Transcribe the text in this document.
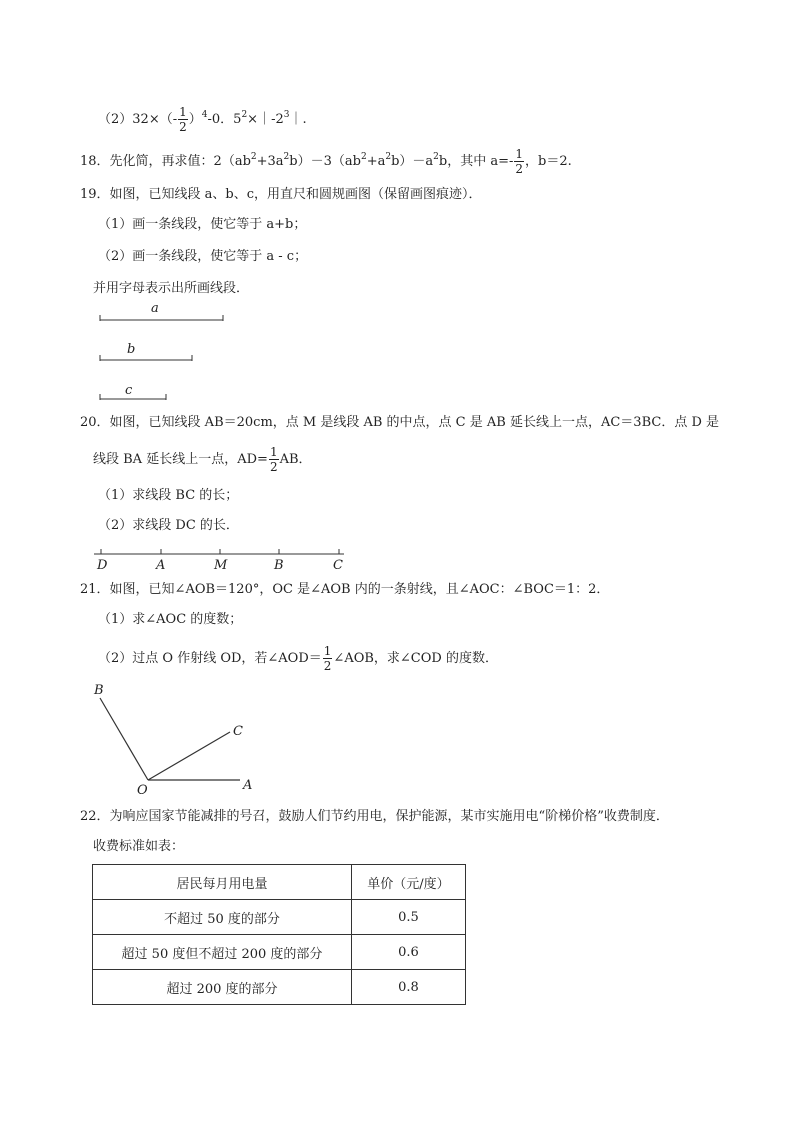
$(2)32\times(- \frac{1}{2} )^4-0$．$5^2\times|-2^3|$.
18．先化简，再求值：$2(ab^2+3a^2b)-3(ab^2+a^2b)-a^2b$，其中 $a=- \frac{1}{2}$ ，b＝2.
19．如图，已知线段 a、b、c，用直尺和圆规画图（保留画图痕迹）．
（1）画一条线段，使它等于 a+b；
（2）画一条线段，使它等于 a - c；
并用字母表示出所画线段．
a
b
c
20．如图，已知线段 AB＝20cm，点 M 是线段 AB 的中点，点 C 是 AB 延长线上一点，AC＝3BC．点 D 是
线段 BA 延长线上一点，$AD= \frac{1}{2}$ AB．
（1）求线段 BC 的长；
（2）求线段 DC 的长．
D	A	M	B	C
21．如图，已知∠AOB＝120°，OC 是∠AOB 内的一条射线，且∠AOC：∠BOC＝1：2．
（1）求∠AOC 的度数；
（2）过点 O 作射线 OD，若∠AOD＝ $\frac{1}{2}$ ∠AOB，求∠COD 的度数．
B
C
O	A
22．为响应国家节能减排的号召，鼓励人们节约用电，保护能源，某市实施用电“阶梯价格”收费制度．
收费标准如表：
居民每月用电量	单价（元/度）
不超过 50 度的部分	0.5
超过 50 度但不超过 200 度的部分	0.6
超过 200 度的部分	0.8
